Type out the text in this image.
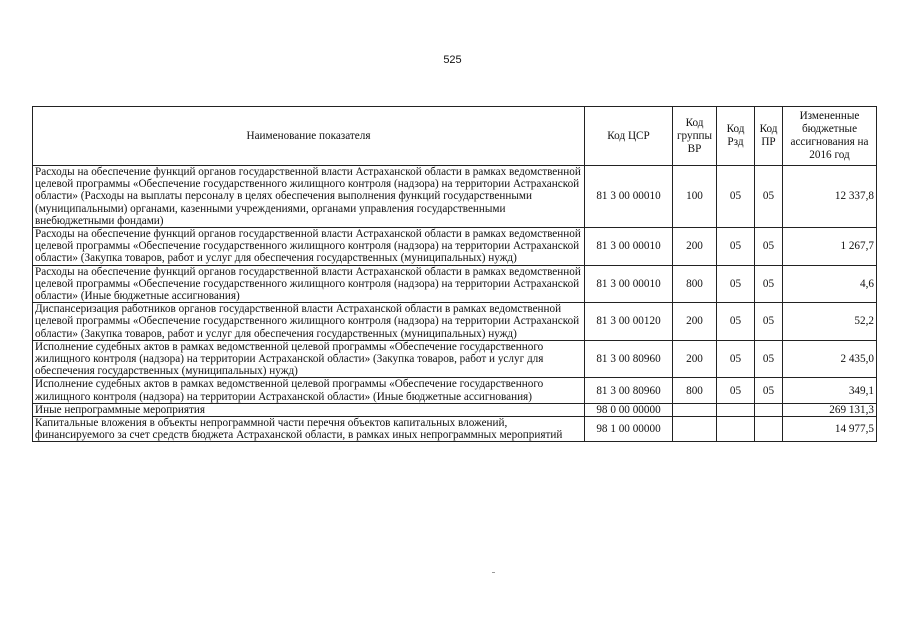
525
Наименование показателя	Код ЦСР	Код группы ВР	Код Рзд	Код ПР	Измененные бюджетные ассигнования на 2016 год
Расходы на обеспечение функций органов государственной власти Астраханской области в рамках ведомственной целевой программы «Обеспечение государственного жилищного контроля (надзора) на территории Астраханской области» (Расходы на выплаты персоналу в целях обеспечения выполнения функций государственными (муниципальными) органами, казенными учреждениями, органами управления государственными внебюджетными фондами)	81 3 00 00010	100	05	05	12 337,8
Расходы на обеспечение функций органов государственной власти Астраханской области в рамках ведомственной целевой программы «Обеспечение государственного жилищного контроля (надзора) на территории Астраханской области» (Закупка товаров, работ и услуг для обеспечения государственных (муниципальных) нужд)	81 3 00 00010	200	05	05	1 267,7
Расходы на обеспечение функций органов государственной власти Астраханской области в рамках ведомственной целевой программы «Обеспечение государственного жилищного контроля (надзора) на территории Астраханской области» (Иные бюджетные ассигнования)	81 3 00 00010	800	05	05	4,6
Диспансеризация работников органов государственной власти Астраханской области в рамках ведомственной целевой программы «Обеспечение государственного жилищного контроля (надзора) на территории Астраханской области» (Закупка товаров, работ и услуг для обеспечения государственных (муниципальных) нужд)	81 3 00 00120	200	05	05	52,2
Исполнение судебных актов в рамках ведомственной целевой программы «Обеспечение государственного жилищного контроля (надзора) на территории Астраханской области» (Закупка товаров, работ и услуг для обеспечения государственных (муниципальных) нужд)	81 3 00 80960	200	05	05	2 435,0
Исполнение судебных актов в рамках ведомственной целевой программы «Обеспечение государственного жилищного контроля (надзора) на территории Астраханской области» (Иные бюджетные ассигнования)	81 3 00 80960	800	05	05	349,1
Иные непрограммные мероприятия	98 0 00 00000				269 131,3
Капитальные вложения в объекты непрограммной части перечня объектов капитальных вложений, финансируемого за счет средств бюджета Астраханской области, в рамках иных непрограммных мероприятий	98 1 00 00000				14 977,5
